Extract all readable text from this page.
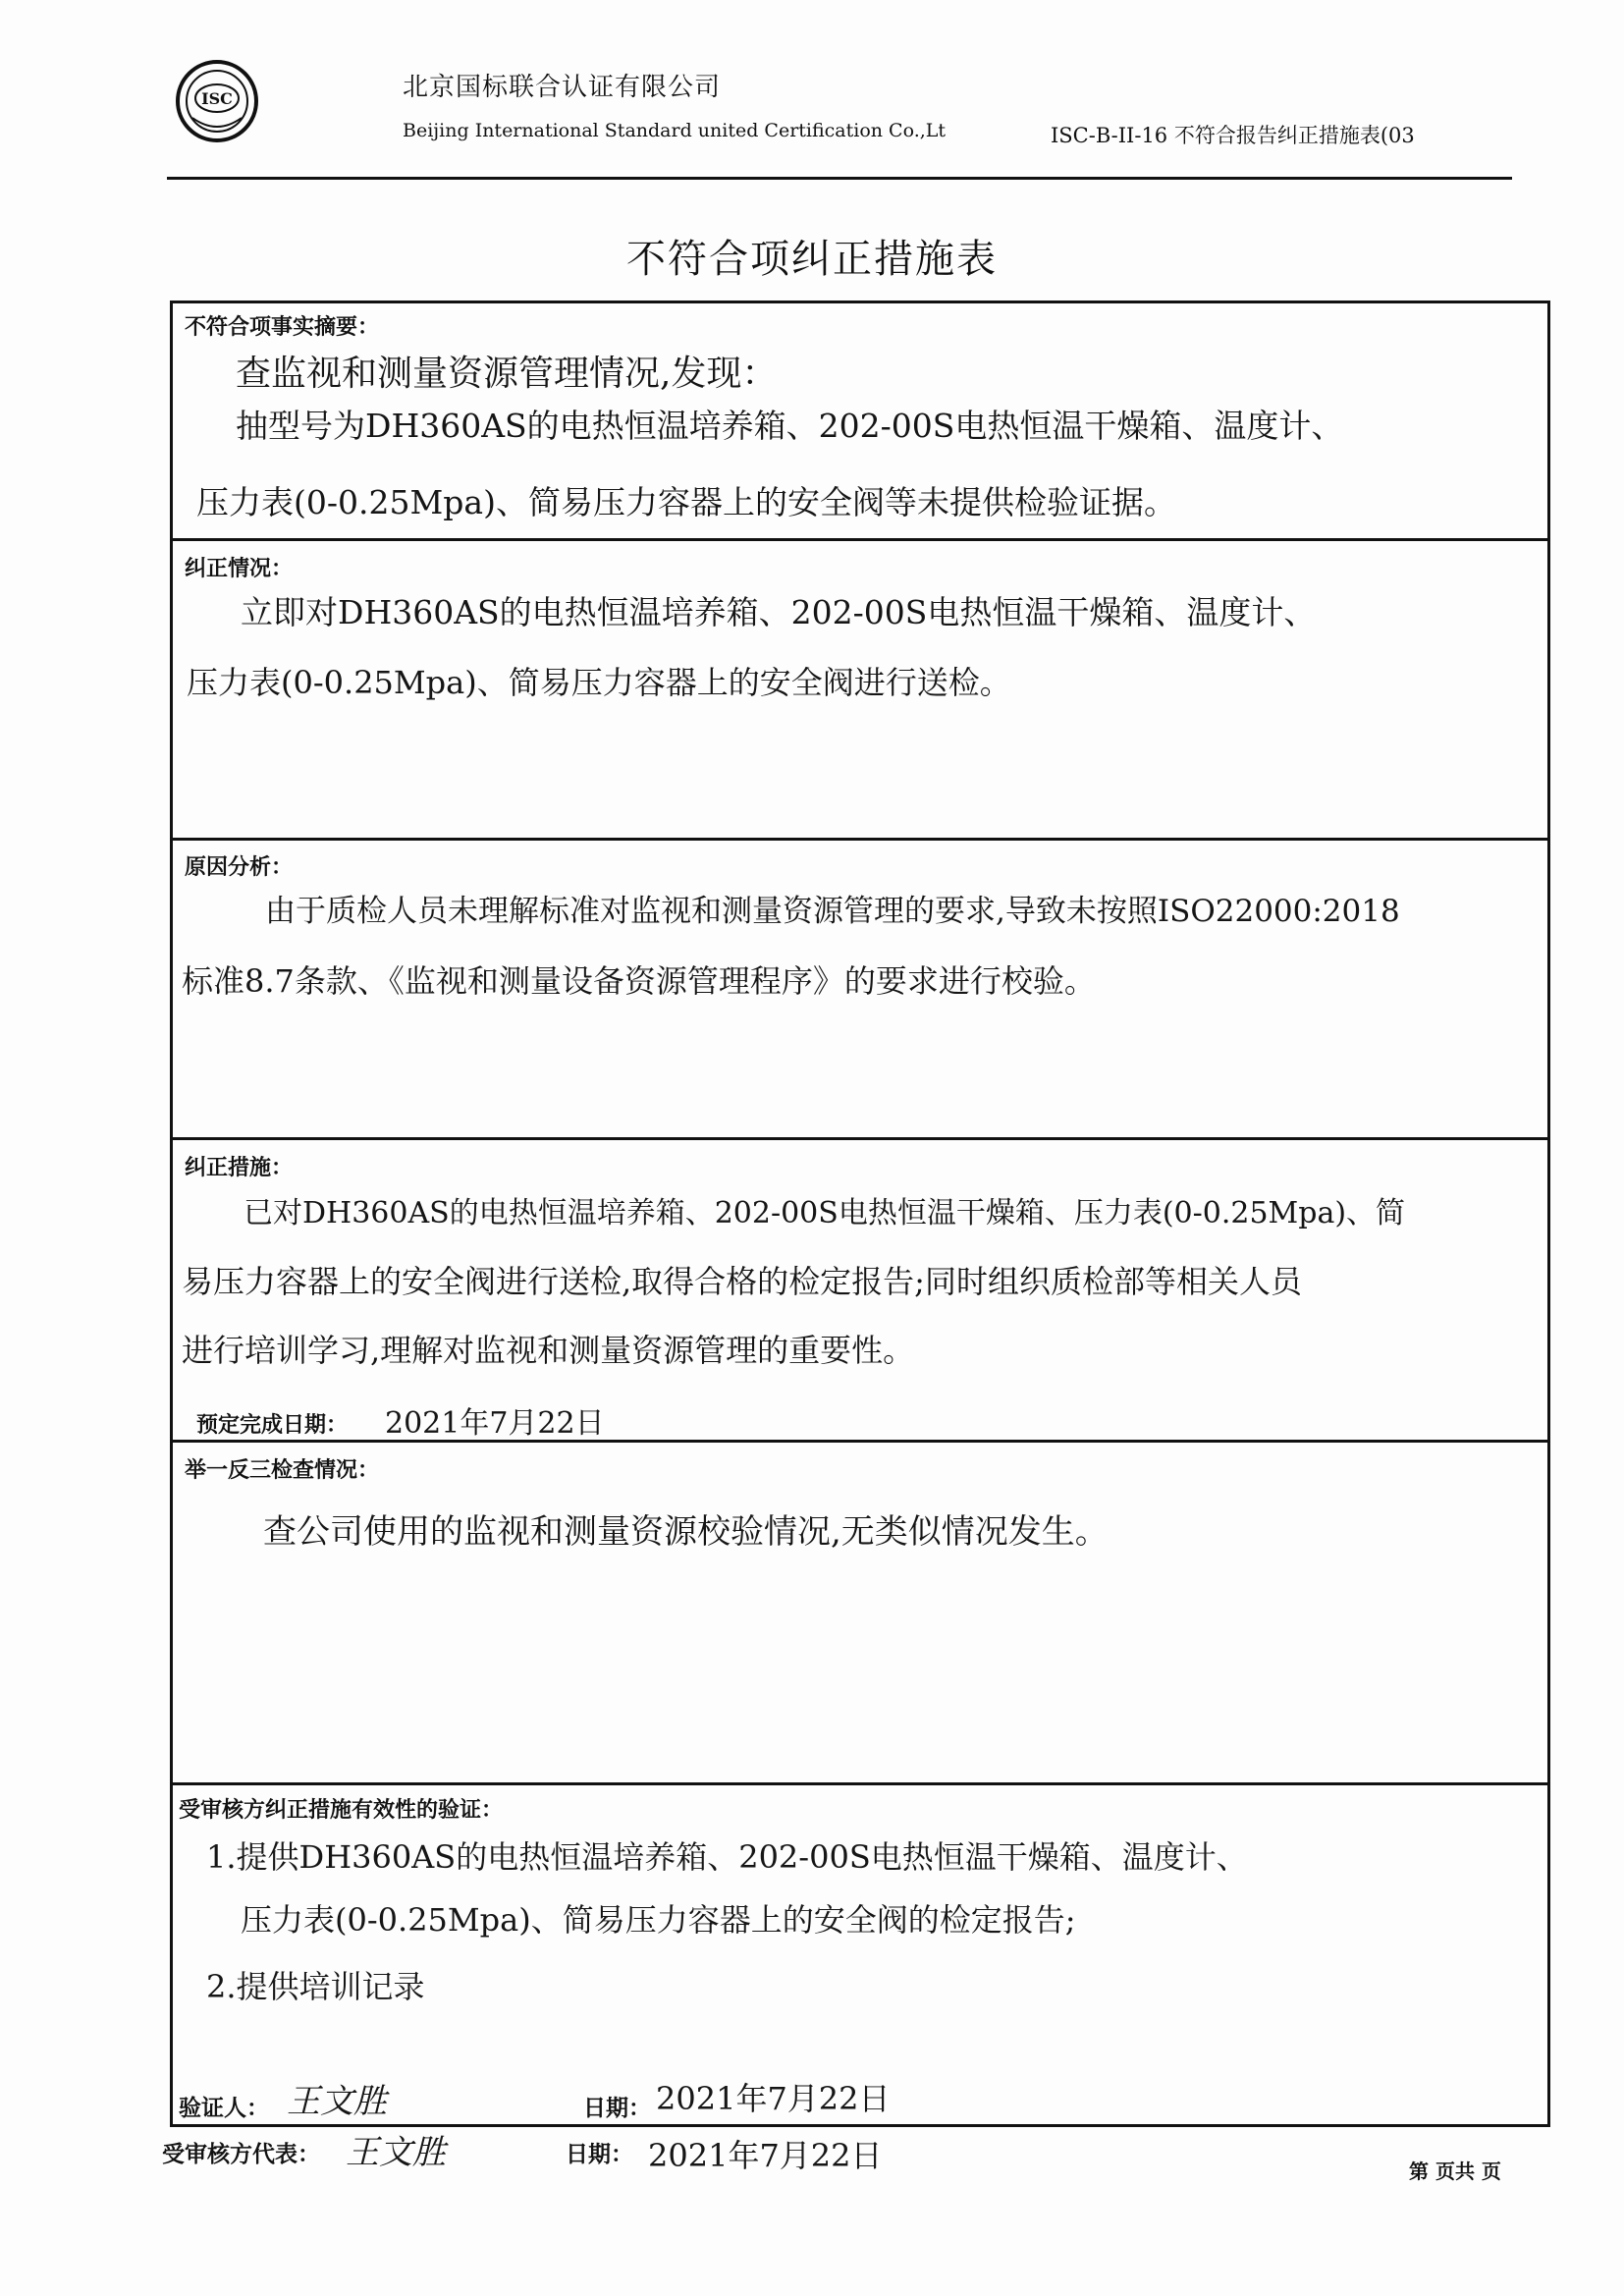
ISC	北京国标联合认证有限公司
Beijing International Standard united Certification Co.,Lt	ISC-B-II-16 不符合报告纠正措施表(03
不符合项纠正措施表
不符合项事实摘要：
查监视和测量资源管理情况,发现：
抽型号为DH360AS的电热恒温培养箱、202-00S电热恒温干燥箱、温度计、
压力表(0-0.25Mpa)、简易压力容器上的安全阀等未提供检验证据。
纠正情况：
立即对DH360AS的电热恒温培养箱、202-00S电热恒温干燥箱、温度计、
压力表(0-0.25Mpa)、简易压力容器上的安全阀进行送检。
原因分析：
由于质检人员未理解标准对监视和测量资源管理的要求,导致未按照ISO22000:2018
标准8.7条款、《监视和测量设备资源管理程序》的要求进行校验。
纠正措施：
已对DH360AS的电热恒温培养箱、202-00S电热恒温干燥箱、压力表(0-0.25Mpa)、简
易压力容器上的安全阀进行送检,取得合格的检定报告;同时组织质检部等相关人员
进行培训学习,理解对监视和测量资源管理的重要性。
预定完成日期： 2021年7月22日
举一反三检查情况：
查公司使用的监视和测量资源校验情况,无类似情况发生。
受审核方纠正措施有效性的验证：
1.提供DH360AS的电热恒温培养箱、202-00S电热恒温干燥箱、温度计、
压力表(0-0.25Mpa)、简易压力容器上的安全阀的检定报告;
2.提供培训记录
验证人： 王文胜	日期： 2021年7月22日
受审核方代表： 王文胜	日期： 2021年7月22日	第 页共 页
